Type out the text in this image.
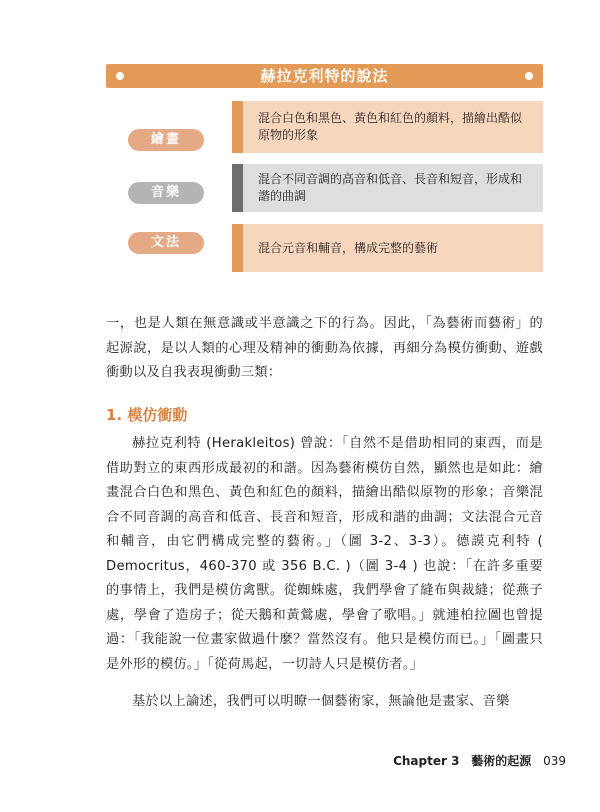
赫拉克利特的說法
繪畫
混合白色和黑色、黃色和紅色的顏料，描繪出酷似原物的形象
音樂
混合不同音調的高音和低音、長音和短音，形成和諧的曲調
文法	混合元音和輔音，構成完整的藝術
一，也是人類在無意識或半意識之下的行為。因此，「為藝術而藝術」的起源說，是以人類的心理及精神的衝動為依據，再細分為模仿衝動、遊戲衝動以及自我表現衝動三類：
1. 模仿衝動
赫拉克利特 (Herakleitos) 曾說：「自然不是借助相同的東西，而是借助對立的東西形成最初的和諧。因為藝術模仿自然，顯然也是如此：繪畫混合白色和黑色、黃色和紅色的顏料，描繪出酷似原物的形象；音樂混合不同音調的高音和低音、長音和短音，形成和諧的曲調；文法混合元音和輔音，由它們構成完整的藝術。」（圖 3-2、3-3）。德謨克利特 ( Democritus，460-370 或 356 B.C. )（圖 3-4 ) 也說：「在許多重要的事情上，我們是模仿禽獸。從蜘蛛處，我們學會了縫布與裁縫；從燕子處，學會了造房子；從天鵝和黃鶯處，學會了歌唱。」就連柏拉圖也曾提過：「我能說一位畫家做過什麼？當然沒有。他只是模仿而已。」「圖畫只是外形的模仿。」「從荷馬起，一切詩人只是模仿者。」
基於以上論述，我們可以明瞭一個藝術家，無論他是畫家、音樂
Chapter 3 藝術的起源 039
